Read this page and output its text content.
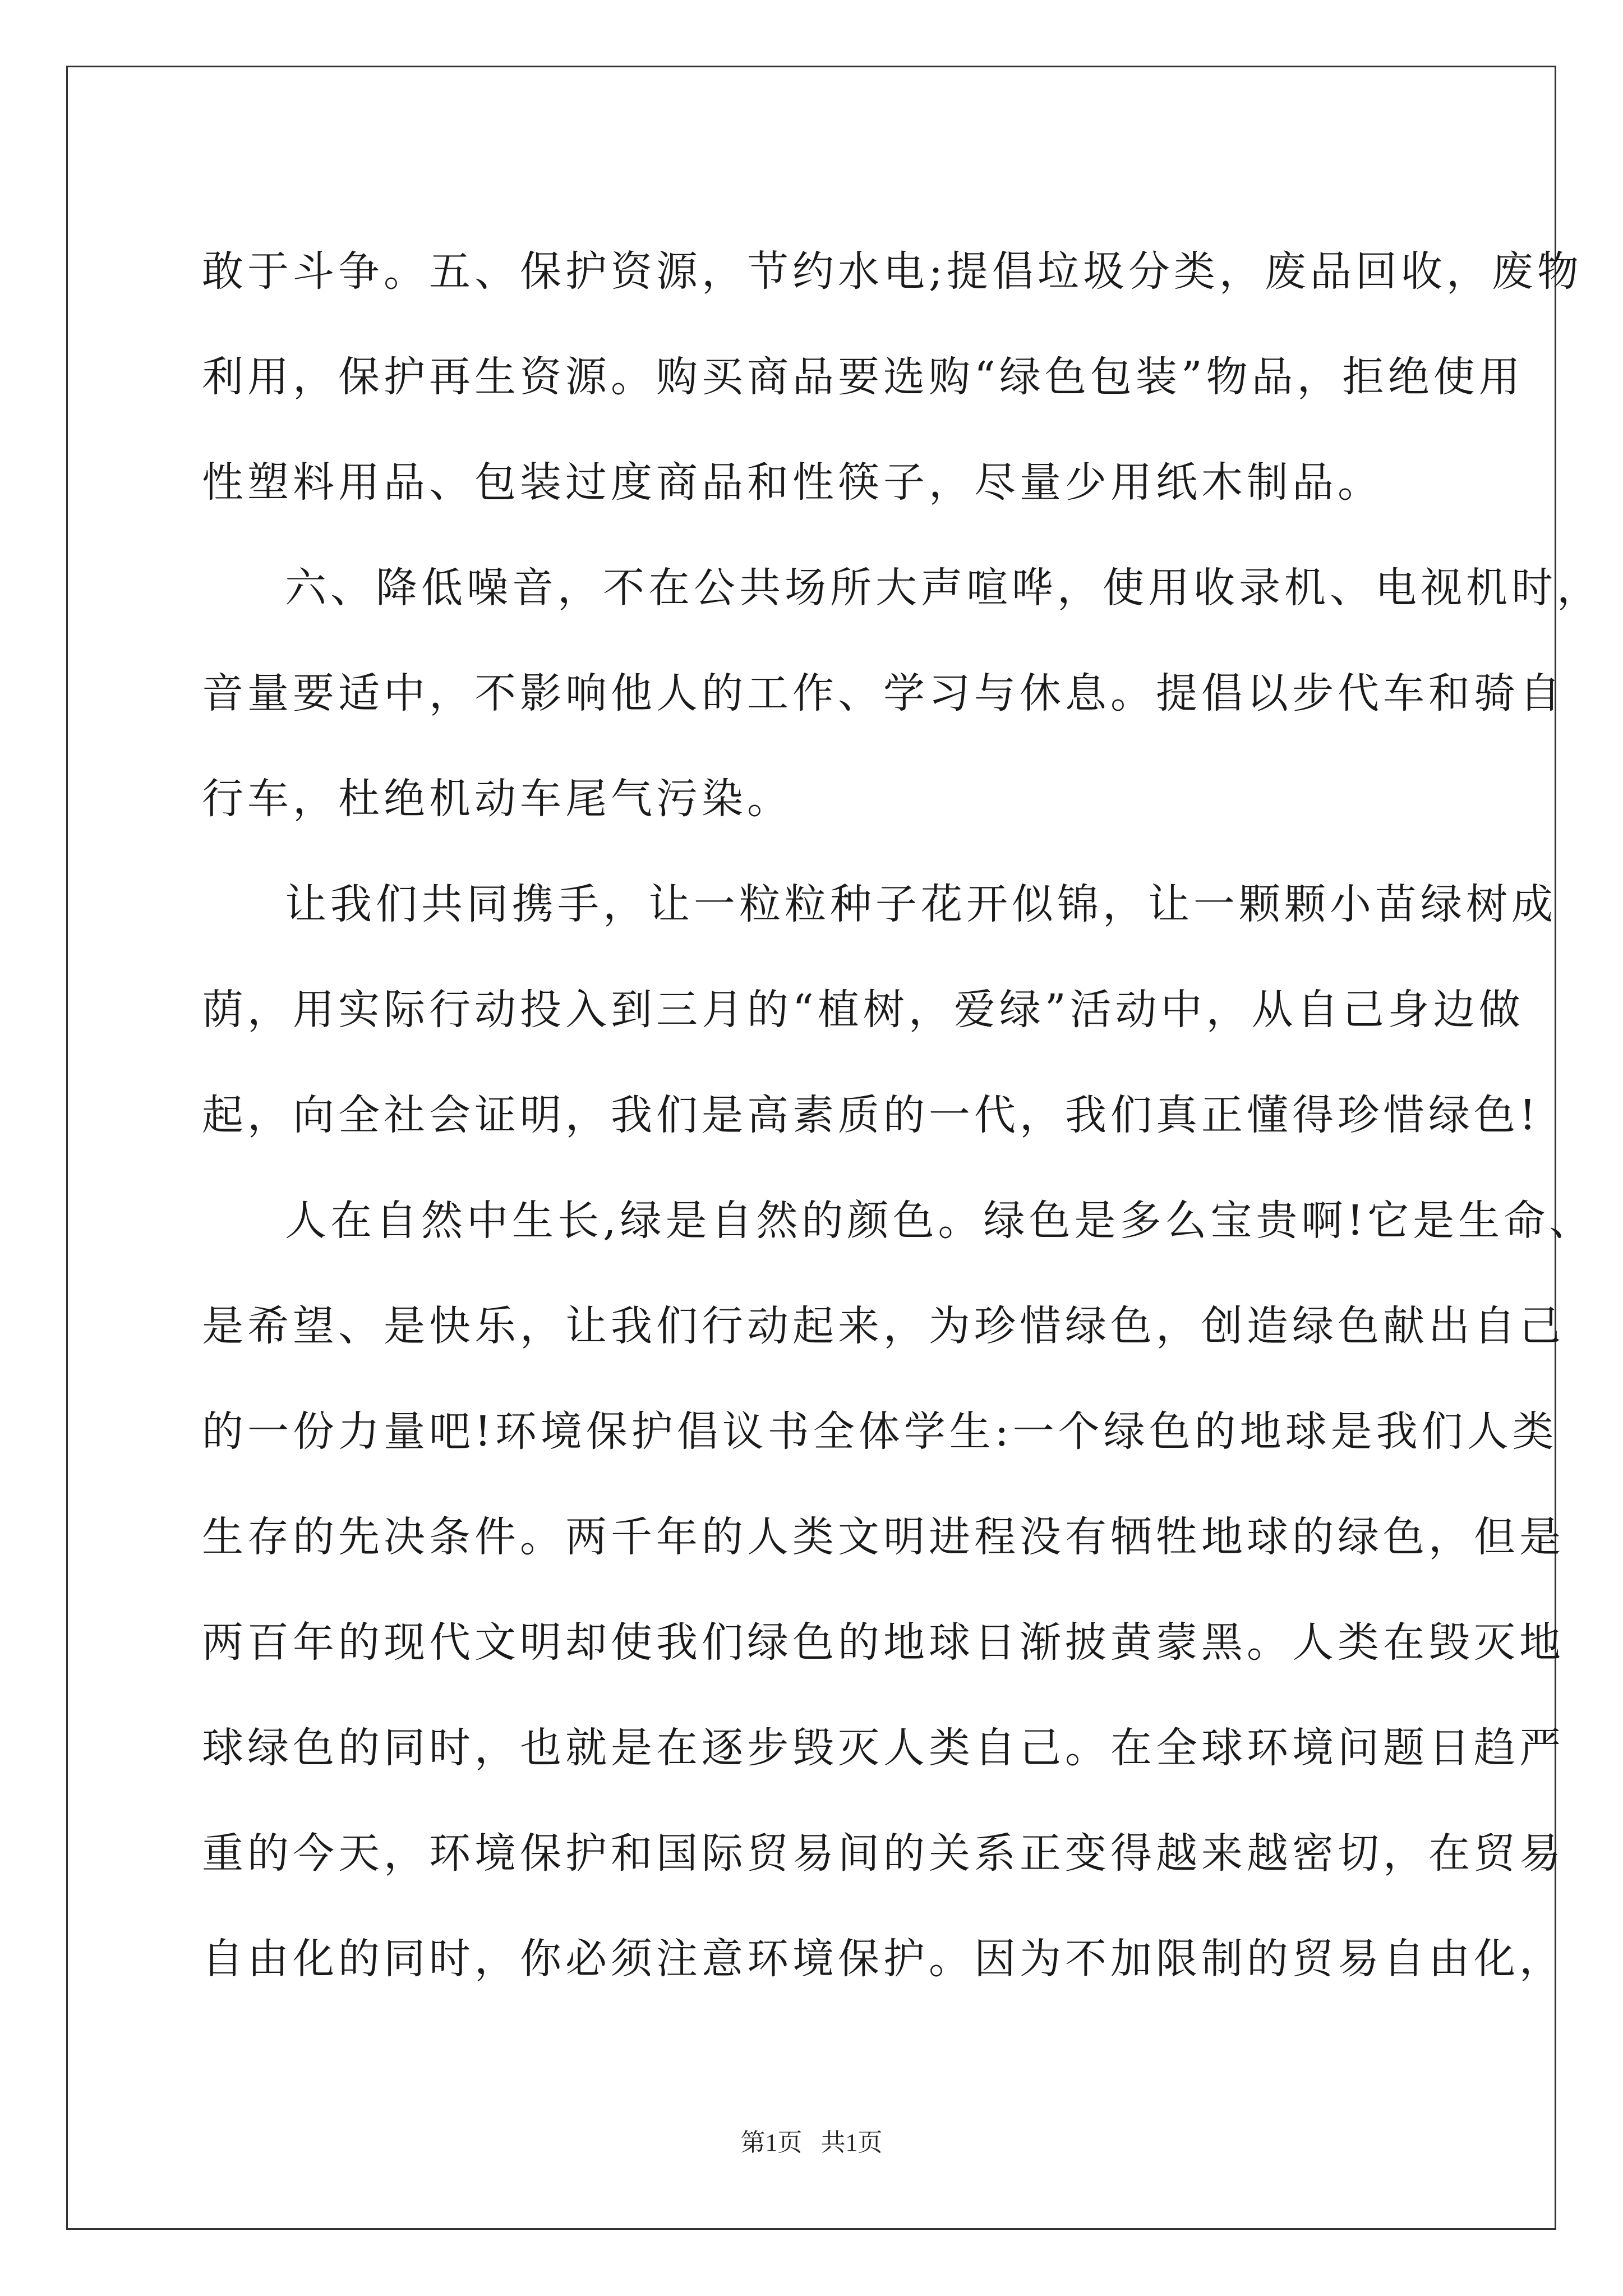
敢于斗争。五、保护资源，节约水电;提倡垃圾分类，废品回收，废物
利用，保护再生资源。购买商品要选购“绿色包装”物品，拒绝使用
性塑料用品、包装过度商品和性筷子，尽量少用纸木制品。
六、降低噪音，不在公共场所大声喧哗，使用收录机、电视机时，
音量要适中，不影响他人的工作、学习与休息。提倡以步代车和骑自
行车，杜绝机动车尾气污染。
让我们共同携手，让一粒粒种子花开似锦，让一颗颗小苗绿树成
荫，用实际行动投入到三月的“植树，爱绿”活动中，从自己身边做
起，向全社会证明，我们是高素质的一代，我们真正懂得珍惜绿色!
人在自然中生长,绿是自然的颜色。绿色是多么宝贵啊!它是生命、
是希望、是快乐，让我们行动起来，为珍惜绿色，创造绿色献出自己
的一份力量吧!环境保护倡议书全体学生:一个绿色的地球是我们人类
生存的先决条件。两千年的人类文明进程没有牺牲地球的绿色，但是
两百年的现代文明却使我们绿色的地球日渐披黄蒙黑。人类在毁灭地
球绿色的同时，也就是在逐步毁灭人类自己。在全球环境问题日趋严
重的今天，环境保护和国际贸易间的关系正变得越来越密切，在贸易
自由化的同时，你必须注意环境保护。因为不加限制的贸易自由化，
第1页   共1页
